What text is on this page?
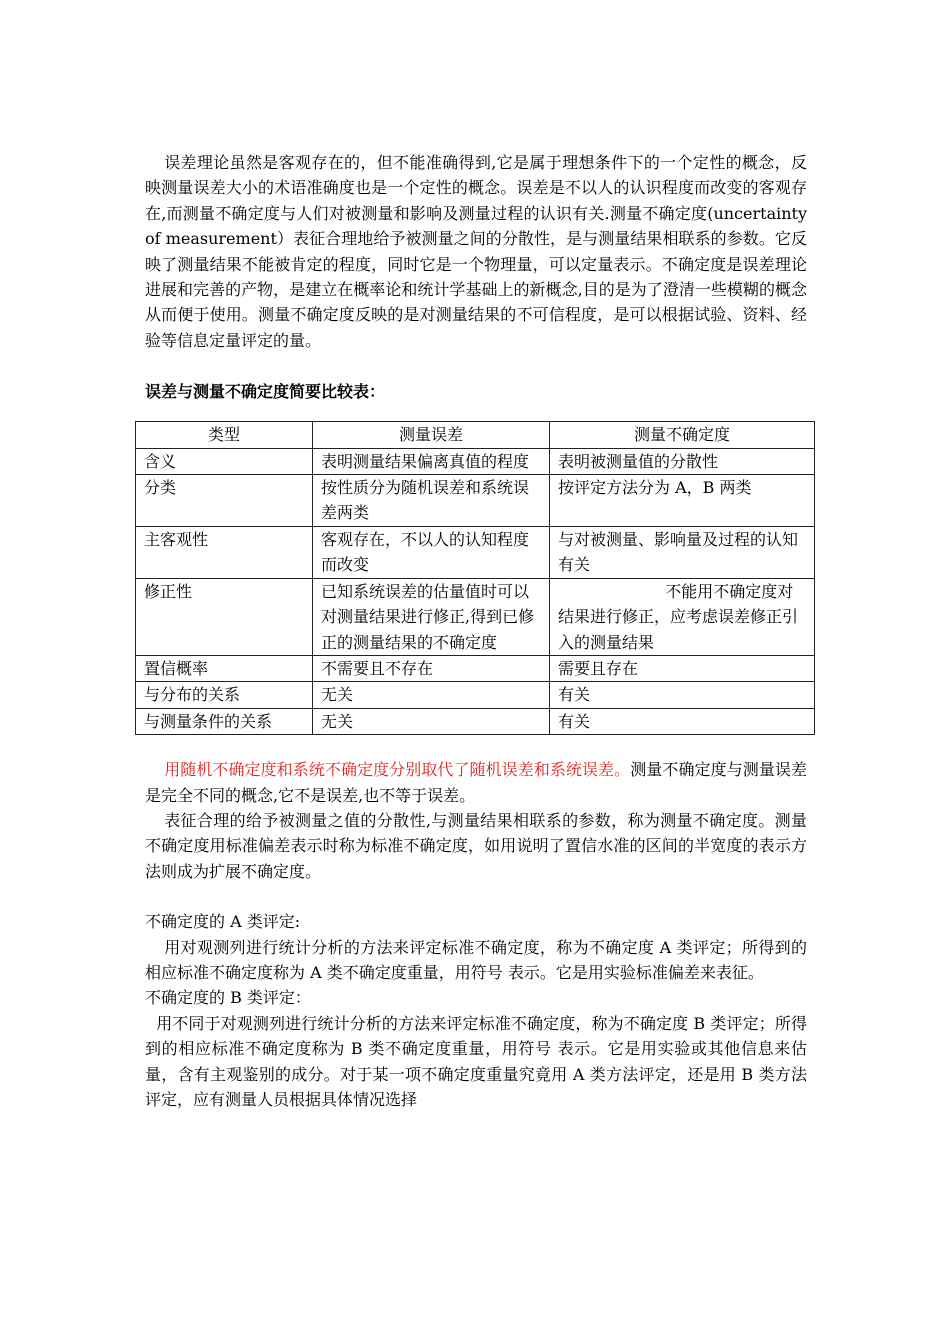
误差理论虽然是客观存在的，但不能准确得到,它是属于理想条件下的一个定性的概念，反映测量误差大小的术语准确度也是一个定性的概念。误差是不以人的认识程度而改变的客观存在,而测量不确定度与人们对被测量和影响及测量过程的认识有关.测量不确定度(uncertainty of measurement）表征合理地给予被测量之间的分散性，是与测量结果相联系的参数。它反映了测量结果不能被肯定的程度，同时它是一个物理量，可以定量表示。不确定度是误差理论进展和完善的产物，是建立在概率论和统计学基础上的新概念,目的是为了澄清一些模糊的概念从而便于使用。测量不确定度反映的是对测量结果的不可信程度，是可以根据试验、资料、经验等信息定量评定的量。

误差与测量不确定度简要比较表：
类型	测量误差	测量不确定度
含义	表明测量结果偏离真值的程度	表明被测量值的分散性
分类	按性质分为随机误差和系统误差两类	按评定方法分为 A，B 两类
主客观性	客观存在，不以人的认知程度而改变	与对被测量、影响量及过程的认知有关
修正性	已知系统误差的估量值时可以对测量结果进行修正,得到已修正的测量结果的不确定度	不能用不确定度对结果进行修正，应考虑误差修正引入的测量结果
置信概率	不需要且不存在	需要且存在
与分布的关系	无关	有关
与测量条件的关系	无关	有关

用随机不确定度和系统不确定度分别取代了随机误差和系统误差。测量不确定度与测量误差是完全不同的概念,它不是误差,也不等于误差。

表征合理的给予被测量之值的分散性,与测量结果相联系的参数，称为测量不确定度。测量不确定度用标准偏差表示时称为标准不确定度，如用说明了置信水准的区间的半宽度的表示方法则成为扩展不确定度。

不确定度的 A 类评定:

用对观测列进行统计分析的方法来评定标准不确定度，称为不确定度 A 类评定；所得到的相应标准不确定度称为 A 类不确定度重量，用符号 表示。它是用实验标准偏差来表征。

不确定度的 B 类评定：

用不同于对观测列进行统计分析的方法来评定标准不确定度，称为不确定度 B 类评定；所得到的相应标准不确定度称为 B 类不确定度重量，用符号 表示。它是用实验或其他信息来估量，含有主观鉴别的成分。对于某一项不确定度重量究竟用 A 类方法评定，还是用 B 类方法评定，应有测量人员根据具体情况选择
